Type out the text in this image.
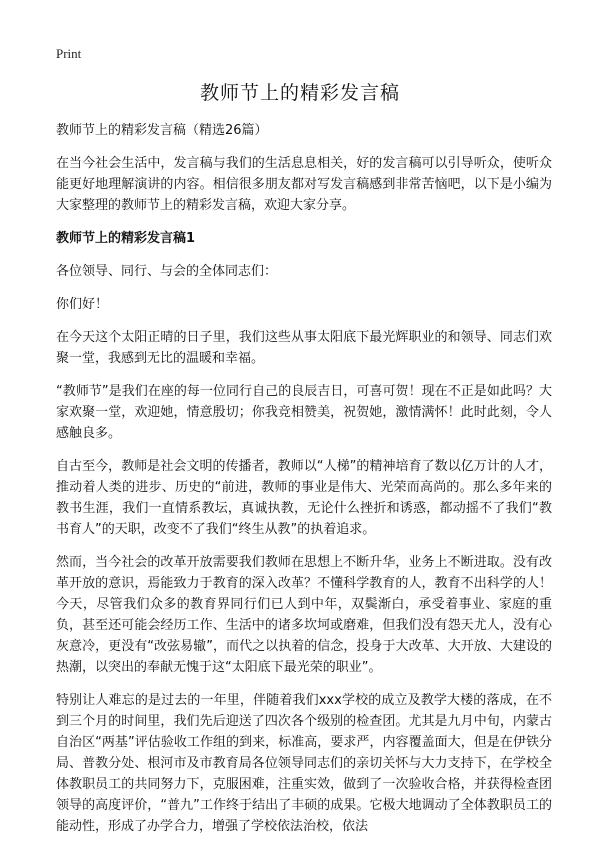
Print
教师节上的精彩发言稿

教师节上的精彩发言稿（精选26篇）

在当今社会生活中，发言稿与我们的生活息息相关，好的发言稿可以引导听众，使听众能更好地理解演讲的内容。相信很多朋友都对写发言稿感到非常苦恼吧，以下是小编为大家整理的教师节上的精彩发言稿，欢迎大家分享。

教师节上的精彩发言稿1

各位领导、同行、与会的全体同志们：

你们好！

在今天这个太阳正晴的日子里，我们这些从事太阳底下最光辉职业的和领导、同志们欢聚一堂，我感到无比的温暖和幸福。

“教师节”是我们在座的每一位同行自己的良辰吉日，可喜可贺！现在不正是如此吗？大家欢聚一堂，欢迎她，情意殷切；你我竞相赞美，祝贺她，激情满怀！此时此刻，令人感触良多。

自古至今，教师是社会文明的传播者，教师以“人梯”的精神培育了数以亿万计的人才，推动着人类的进步、历史的“前进，教师的事业是伟大、光荣而高尚的。那么多年来的教书生涯，我们一直情系教坛，真诚执教，无论什么挫折和诱惑，都动摇不了我们“教书育人”的天职，改变不了我们“终生从教”的执着追求。

然而，当今社会的改革开放需要我们教师在思想上不断升华，业务上不断进取。没有改革开放的意识，焉能致力于教育的深入改革？不懂科学教育的人，教育不出科学的人！今天，尽管我们众多的教育界同行们已人到中年，双鬓渐白，承受着事业、家庭的重负，甚至还可能会经历工作、生活中的诸多坎坷或磨难，但我们没有怨天尤人，没有心灰意冷，更没有“改弦易辙”，而代之以执着的信念，投身于大改革、大开放、大建设的热潮，以突出的奉献无愧于这“太阳底下最光荣的职业”。

特别让人难忘的是过去的一年里，伴随着我们xxx学校的成立及教学大楼的落成，在不到三个月的时间里，我们先后迎送了四次各个级别的检查团。尤其是九月中旬，内蒙古自治区“两基”评估验收工作组的到来，标准高，要求严，内容覆盖面大，但是在伊铁分局、普教分处、根河市及市教育局各位领导同志们的亲切关怀与大力支持下，在学校全体教职员工的共同努力下，克服困难，注重实效，做到了一次验收合格，并获得检查团领导的高度评价，“普九”工作终于结出了丰硕的成果。它极大地调动了全体教职员工的能动性，形成了办学合力，增强了学校依法治校，依法
